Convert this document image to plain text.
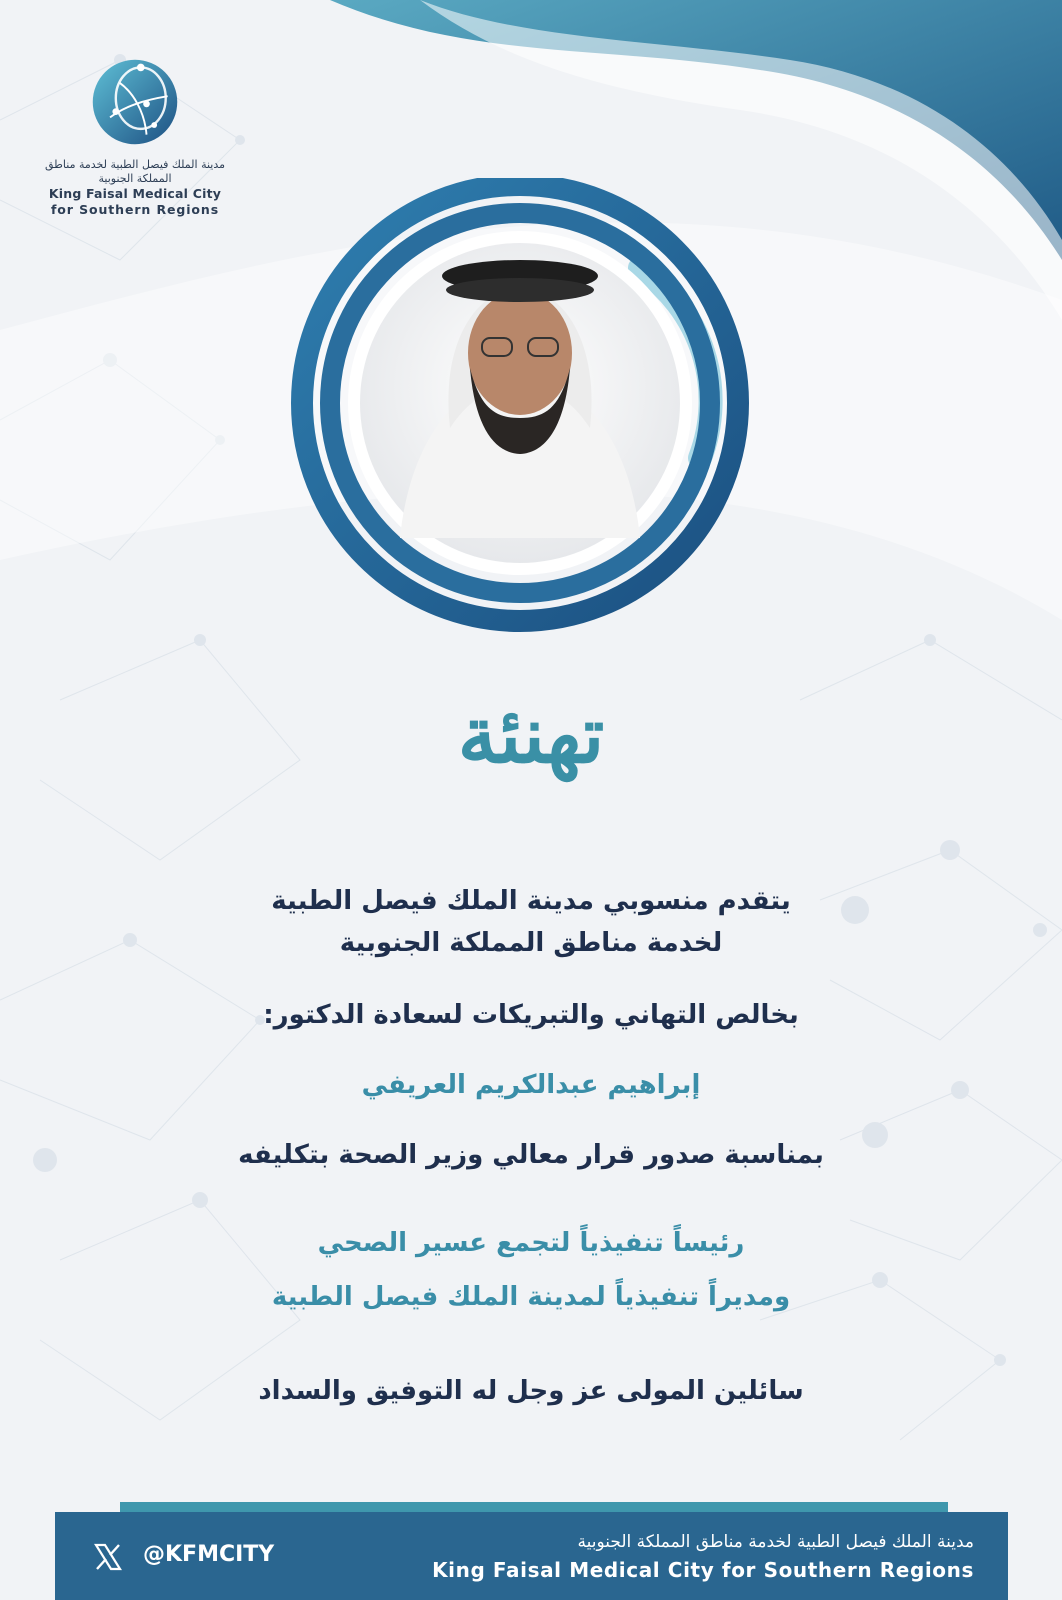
مدينة الملك فيصل الطبية لخدمة مناطق المملكة الجنوبية
King Faisal Medical City
for Southern Regions
تهنئة
يتقدم منسوبي مدينة الملك فيصل الطبية
لخدمة مناطق المملكة الجنوبية
بخالص التهاني والتبريكات لسعادة الدكتور:
إبراهيم عبدالكريم العريفي
بمناسبة صدور قرار معالي وزير الصحة بتكليفه
رئيساً تنفيذياً لتجمع عسير الصحي
ومديراً تنفيذياً لمدينة الملك فيصل الطبية
سائلين المولى عز وجل له التوفيق والسداد
@KFMCITY	مدينة الملك فيصل الطبية لخدمة مناطق المملكة الجنوبية
King Faisal Medical City for Southern Regions
